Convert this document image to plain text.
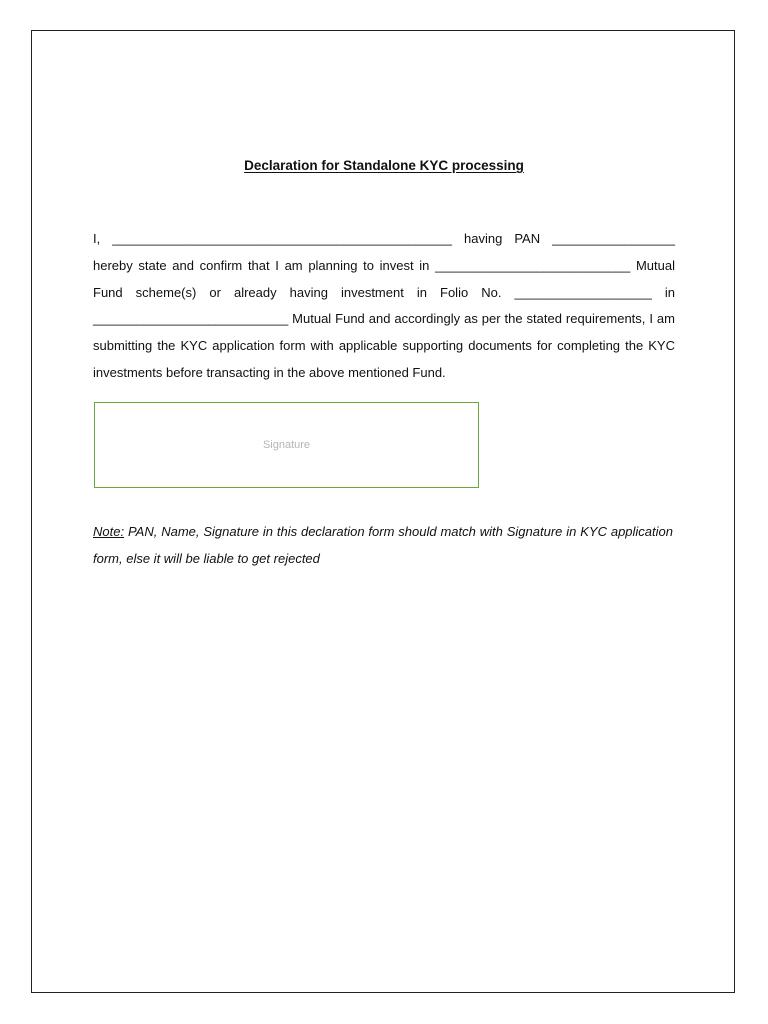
Declaration for Standalone KYC processing

I, _______________________________________________ having PAN _________________ hereby state and confirm that I am planning to invest in ___________________________ Mutual Fund scheme(s) or already having investment in Folio No. ___________________ in ___________________________ Mutual Fund and accordingly as per the stated requirements, I am submitting the KYC application form with applicable supporting documents for completing the KYC investments before transacting in the above mentioned Fund.

Signature

Note: PAN, Name, Signature in this declaration form should match with Signature in KYC application form, else it will be liable to get rejected
